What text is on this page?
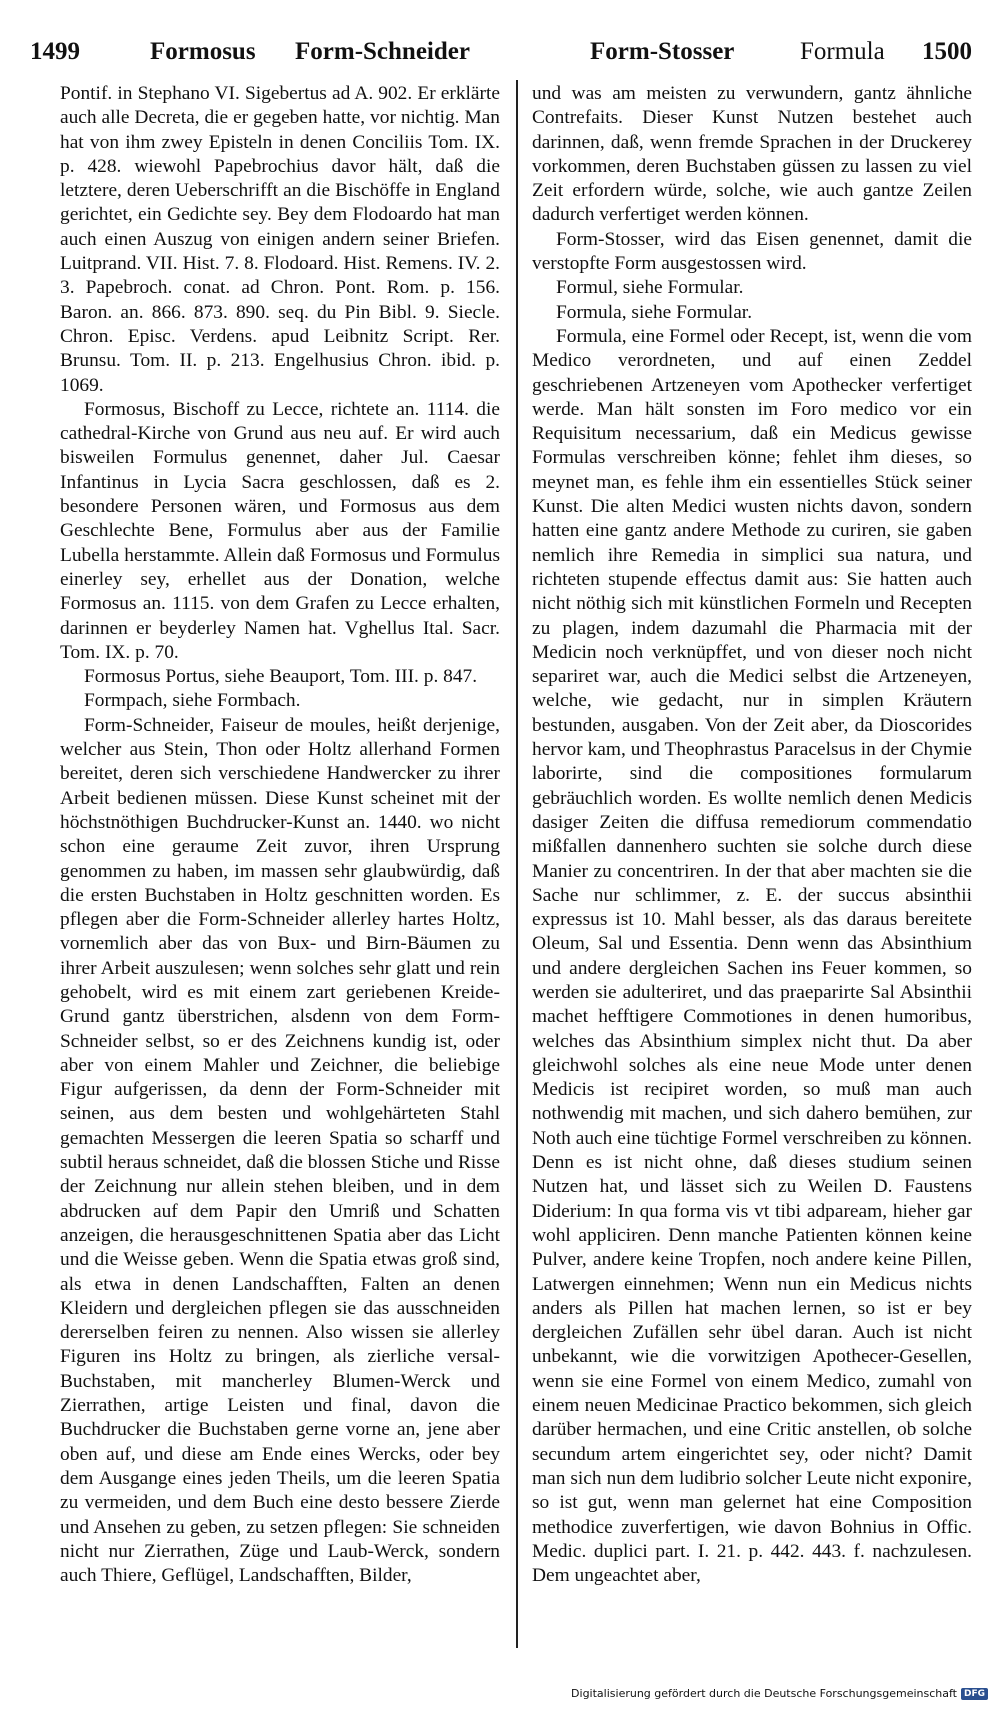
1499	Formosus Form-Schneider	Form-Stosser	Formula 1500

Pontif. in Stephano VI. Sigebertus ad A. 902. Er erklärte auch alle Decreta, die er gegeben hatte, vor nichtig. Man hat von ihm zwey Episteln in denen Conciliis Tom. IX. p. 428. wiewohl Papebrochius davor hält, daß die letztere, deren Ueberschrifft an die Bischöffe in England gerichtet, ein Gedichte sey. Bey dem Flodoardo hat man auch einen Auszug von einigen andern seiner Briefen. Luitprand. VII. Hist. 7. 8. Flodoard. Hist. Remens. IV. 2. 3. Papebroch. conat. ad Chron. Pont. Rom. p. 156. Baron. an. 866. 873. 890. seq. du Pin Bibl. 9. Siecle. Chron. Episc. Verdens. apud Leibnitz Script. Rer. Brunsu. Tom. II. p. 213. Engelhusius Chron. ibid. p. 1069.

Formosus, Bischoff zu Lecce, richtete an. 1114. die cathedral-Kirche von Grund aus neu auf. Er wird auch bisweilen Formulus genennet, daher Jul. Caesar Infantinus in Lycia Sacra geschlossen, daß es 2. besondere Personen wären, und Formosus aus dem Geschlechte Bene, Formulus aber aus der Familie Lubella herstammte. Allein daß Formosus und Formulus einerley sey, erhellet aus der Donation, welche Formosus an. 1115. von dem Grafen zu Lecce erhalten, darinnen er beyderley Namen hat. Vghellus Ital. Sacr. Tom. IX. p. 70.

Formosus Portus, siehe Beauport, Tom. III. p. 847.

Formpach, siehe Formbach.

Form-Schneider, Faiseur de moules, heißt derjenige, welcher aus Stein, Thon oder Holtz allerhand Formen bereitet, deren sich verschiedene Handwercker zu ihrer Arbeit bedienen müssen. Diese Kunst scheinet mit der höchstnöthigen Buchdrucker-Kunst an. 1440. wo nicht schon eine geraume Zeit zuvor, ihren Ursprung genommen zu haben, im massen sehr glaubwürdig, daß die ersten Buchstaben in Holtz geschnitten worden. Es pflegen aber die Form-Schneider allerley hartes Holtz, vornemlich aber das von Bux- und Birn-Bäumen zu ihrer Arbeit auszulesen; wenn solches sehr glatt und rein gehobelt, wird es mit einem zart geriebenen Kreide-Grund gantz überstrichen, alsdenn von dem Form-Schneider selbst, so er des Zeichnens kundig ist, oder aber von einem Mahler und Zeichner, die beliebige Figur aufgerissen, da denn der Form-Schneider mit seinen, aus dem besten und wohlgehärteten Stahl gemachten Messergen die leeren Spatia so scharff und subtil heraus schneidet, daß die blossen Stiche und Risse der Zeichnung nur allein stehen bleiben, und in dem abdrucken auf dem Papir den Umriß und Schatten anzeigen, die herausgeschnittenen Spatia aber das Licht und die Weisse geben. Wenn die Spatia etwas groß sind, als etwa in denen Landschafften, Falten an denen Kleidern und dergleichen pflegen sie das ausschneiden dererselben feiren zu nennen. Also wissen sie allerley Figuren ins Holtz zu bringen, als zierliche versal-Buchstaben, mit mancherley Blumen-Werck und Zierrathen, artige Leisten und final, davon die Buchdrucker die Buchstaben gerne vorne an, jene aber oben auf, und diese am Ende eines Wercks, oder bey dem Ausgange eines jeden Theils, um die leeren Spatia zu vermeiden, und dem Buch eine desto bessere Zierde und Ansehen zu geben, zu setzen pflegen: Sie schneiden nicht nur Zierrathen, Züge und Laub-Werck, sondern auch Thiere, Geflügel, Landschafften, Bilder,

und was am meisten zu verwundern, gantz ähnliche Contrefaits. Dieser Kunst Nutzen bestehet auch darinnen, daß, wenn fremde Sprachen in der Druckerey vorkommen, deren Buchstaben güssen zu lassen zu viel Zeit erfordern würde, solche, wie auch gantze Zeilen dadurch verfertiget werden können.

Form-Stosser, wird das Eisen genennet, damit die verstopfte Form ausgestossen wird.

Formul, siehe Formular.

Formula, siehe Formular.

Formula, eine Formel oder Recept, ist, wenn die vom Medico verordneten, und auf einen Zeddel geschriebenen Artzeneyen vom Apothecker verfertiget werde. Man hält sonsten im Foro medico vor ein Requisitum necessarium, daß ein Medicus gewisse Formulas verschreiben könne; fehlet ihm dieses, so meynet man, es fehle ihm ein essentielles Stück seiner Kunst. Die alten Medici wusten nichts davon, sondern hatten eine gantz andere Methode zu curiren, sie gaben nemlich ihre Remedia in simplici sua natura, und richteten stupende effectus damit aus: Sie hatten auch nicht nöthig sich mit künstlichen Formeln und Recepten zu plagen, indem dazumahl die Pharmacia mit der Medicin noch verknüpffet, und von dieser noch nicht separiret war, auch die Medici selbst die Artzeneyen, welche, wie gedacht, nur in simplen Kräutern bestunden, ausgaben. Von der Zeit aber, da Dioscorides hervor kam, und Theophrastus Paracelsus in der Chymie laborirte, sind die compositiones formularum gebräuchlich worden. Es wollte nemlich denen Medicis dasiger Zeiten die diffusa remediorum commendatio mißfallen dannenhero suchten sie solche durch diese Manier zu concentriren. In der that aber machten sie die Sache nur schlimmer, z. E. der succus absinthii expressus ist 10. Mahl besser, als das daraus bereitete Oleum, Sal und Essentia. Denn wenn das Absinthium und andere dergleichen Sachen ins Feuer kommen, so werden sie adulteriret, und das praeparirte Sal Absinthii machet hefftigere Commotiones in denen humoribus, welches das Absinthium simplex nicht thut. Da aber gleichwohl solches als eine neue Mode unter denen Medicis ist recipiret worden, so muß man auch nothwendig mit machen, und sich dahero bemühen, zur Noth auch eine tüchtige Formel verschreiben zu können. Denn es ist nicht ohne, daß dieses studium seinen Nutzen hat, und lässet sich zu Weilen D. Faustens Diderium: In qua forma vis vt tibi adpaream, hieher gar wohl appliciren. Denn manche Patienten können keine Pulver, andere keine Tropfen, noch andere keine Pillen, Latwergen einnehmen; Wenn nun ein Medicus nichts anders als Pillen hat machen lernen, so ist er bey dergleichen Zufällen sehr übel daran. Auch ist nicht unbekannt, wie die vorwitzigen Apothecer-Gesellen, wenn sie eine Formel von einem Medico, zumahl von einem neuen Medicinae Practico bekommen, sich gleich darüber hermachen, und eine Critic anstellen, ob solche secundum artem eingerichtet sey, oder nicht? Damit man sich nun dem ludibrio solcher Leute nicht exponire, so ist gut, wenn man gelernet hat eine Composition methodice zuverfertigen, wie davon Bohnius in Offic. Medic. duplici part. I. 21. p. 442. 443. f. nachzulesen. Dem ungeachtet aber,

Digitalisierung gefördert durch die Deutsche Forschungsgemeinschaft DFG
